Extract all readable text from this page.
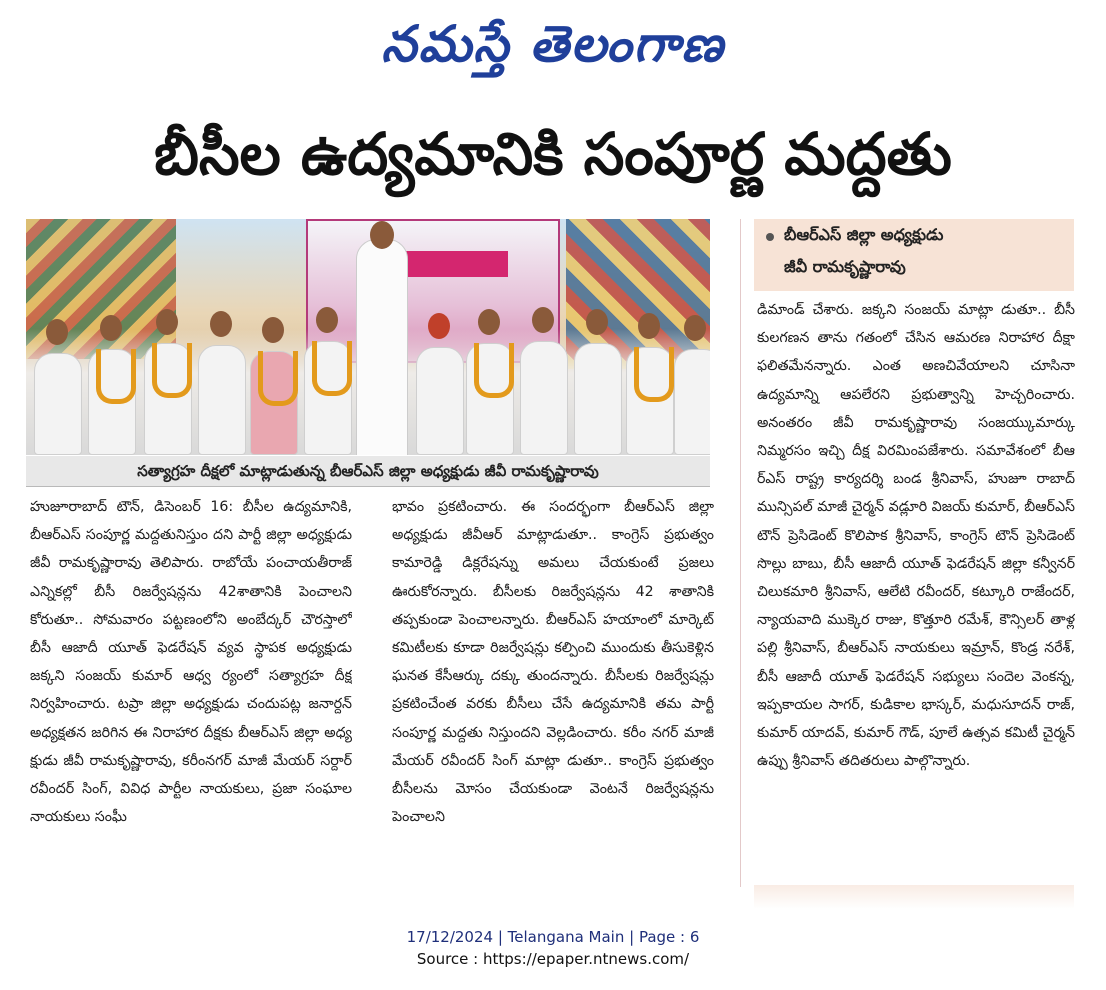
నమస్తే తెలంగాణ
బీసీల ఉద్యమానికి సంపూర్ణ మద్దతు
సత్యాగ్రహ దీక్షలో మాట్లాడుతున్న బీఆర్ఎస్ జిల్లా అధ్యక్షుడు జీవీ రామకృష్ణారావు
బీఆర్ఎస్ జిల్లా అధ్యక్షుడు
జీవీ రామకృష్ణారావు

హుజూరాబాద్ టౌన్, డిసెంబర్ 16: బీసీల ఉద్యమానికి, బీఆర్ఎస్ సంపూర్ణ మద్దతునిస్తుం దని పార్టీ జిల్లా అధ్యక్షుడు జీవీ రామకృష్ణారావు తెలిపారు. రాబోయే పంచాయతీరాజ్ ఎన్నికల్లో బీసీ రిజర్వేషన్లను 42శాతానికి పెంచాలని కోరుతూ.. సోమవారం పట్టణంలోని అంబేద్కర్ చౌరస్తాలో బీసీ ఆజాదీ యూత్ ఫెడరేషన్ వ్యవ స్థాపక అధ్యక్షుడు జక్కని సంజయ్ కుమార్ ఆధ్వ ర్యంలో సత్యాగ్రహ దీక్ష నిర్వహించారు. టప్రా జిల్లా అధ్యక్షుడు చందుపట్ల జనార్దన్ అధ్యక్షతన జరిగిన ఈ నిరాహార దీక్షకు బీఆర్ఎస్ జిల్లా అధ్య క్షుడు జీవీ రామకృష్ణారావు, కరీంనగర్ మాజీ మేయర్ సర్దార్ రవీందర్ సింగ్, వివిధ పార్టీల నాయకులు, ప్రజా సంఘాల నాయకులు సంఘీ

భావం ప్రకటించారు. ఈ సందర్భంగా బీఆర్ఎస్ జిల్లా అధ్యక్షుడు జీవీఆర్ మాట్లాడుతూ.. కాంగ్రెస్ ప్రభుత్వం కామారెడ్డి డిక్లరేషన్ను అమలు చేయకుంటే ప్రజలు ఊరుకోరన్నారు. బీసీలకు రిజర్వేషన్లను 42 శాతానికి తప్పకుండా పెంచాలన్నారు. బీఆర్ఎస్ హయాంలో మార్కెట్ కమిటీలకు కూడా రిజర్వేషన్లు కల్పించి ముందుకు తీసుకెళ్లిన ఘనత కేసీఆర్కు దక్కు తుందన్నారు. బీసీలకు రిజర్వేషన్లు ప్రకటించేంత వరకు బీసీలు చేసే ఉద్యమానికి తమ పార్టీ సంపూర్ణ మద్దతు నిస్తుందని వెల్లడించారు. కరీం నగర్ మాజీ మేయర్ రవీందర్ సింగ్ మాట్లా డుతూ.. కాంగ్రెస్ ప్రభుత్వం బీసీలను మోసం చేయకుండా వెంటనే రిజర్వేషన్లను పెంచాలని

డిమాండ్ చేశారు. జక్కని సంజయ్ మాట్లా డుతూ.. బీసీ కులగణన తాను గతంలో చేసిన ఆమరణ నిరాహార దీక్షా ఫలితమేనన్నారు. ఎంత అణచివేయాలని చూసినా ఉద్యమాన్ని ఆపలేరని ప్రభుత్వాన్ని హెచ్చరించారు. అనంతరం జీవీ రామకృష్ణారావు సంజయ్కుమార్కు నిమ్మరసం ఇచ్చి దీక్ష విరమింపజేశారు. సమావేశంలో బీఆ ర్ఎస్ రాష్ట్ర కార్యదర్శి బండ శ్రీనివాస్, హుజూ రాబాద్ మున్సిపల్ మాజీ చైర్మన్ వడ్లూరి విజయ్ కుమార్, బీఆర్ఎస్ టౌన్ ప్రెసిడెంట్ కొలిపాక శ్రీనివాస్, కాంగ్రెస్ టౌన్ ప్రెసిడెంట్ సొల్లు బాబు, బీసీ ఆజాదీ యూత్ ఫెడరేషన్ జిల్లా కన్వీనర్ చిలుకమారి శ్రీనివాస్, ఆలేటి రవీందర్, కట్కూరి రాజేందర్, న్యాయవాది ముక్కెర రాజు, కొత్తూరి రమేశ్, కౌన్సిలర్ తాళ్ల పల్లి శ్రీనివాస్, బీఆర్ఎస్ నాయకులు ఇమ్రాన్, కొండ్ర నరేశ్, బీసీ ఆజాదీ యూత్ ఫెడరేషన్ సభ్యులు సందెల వెంకన్న, ఇప్పకాయల సాగర్, కుడికాల భాస్కర్, మధుసూదన్ రాజ్, కుమార్ యాదవ్, కుమార్ గౌడ్, పూలే ఉత్సవ కమిటీ చైర్మన్ ఉప్పు శ్రీనివాస్ తదితరులు పాల్గొన్నారు.

17/12/2024 | Telangana Main | Page : 6
Source : https://epaper.ntnews.com/
